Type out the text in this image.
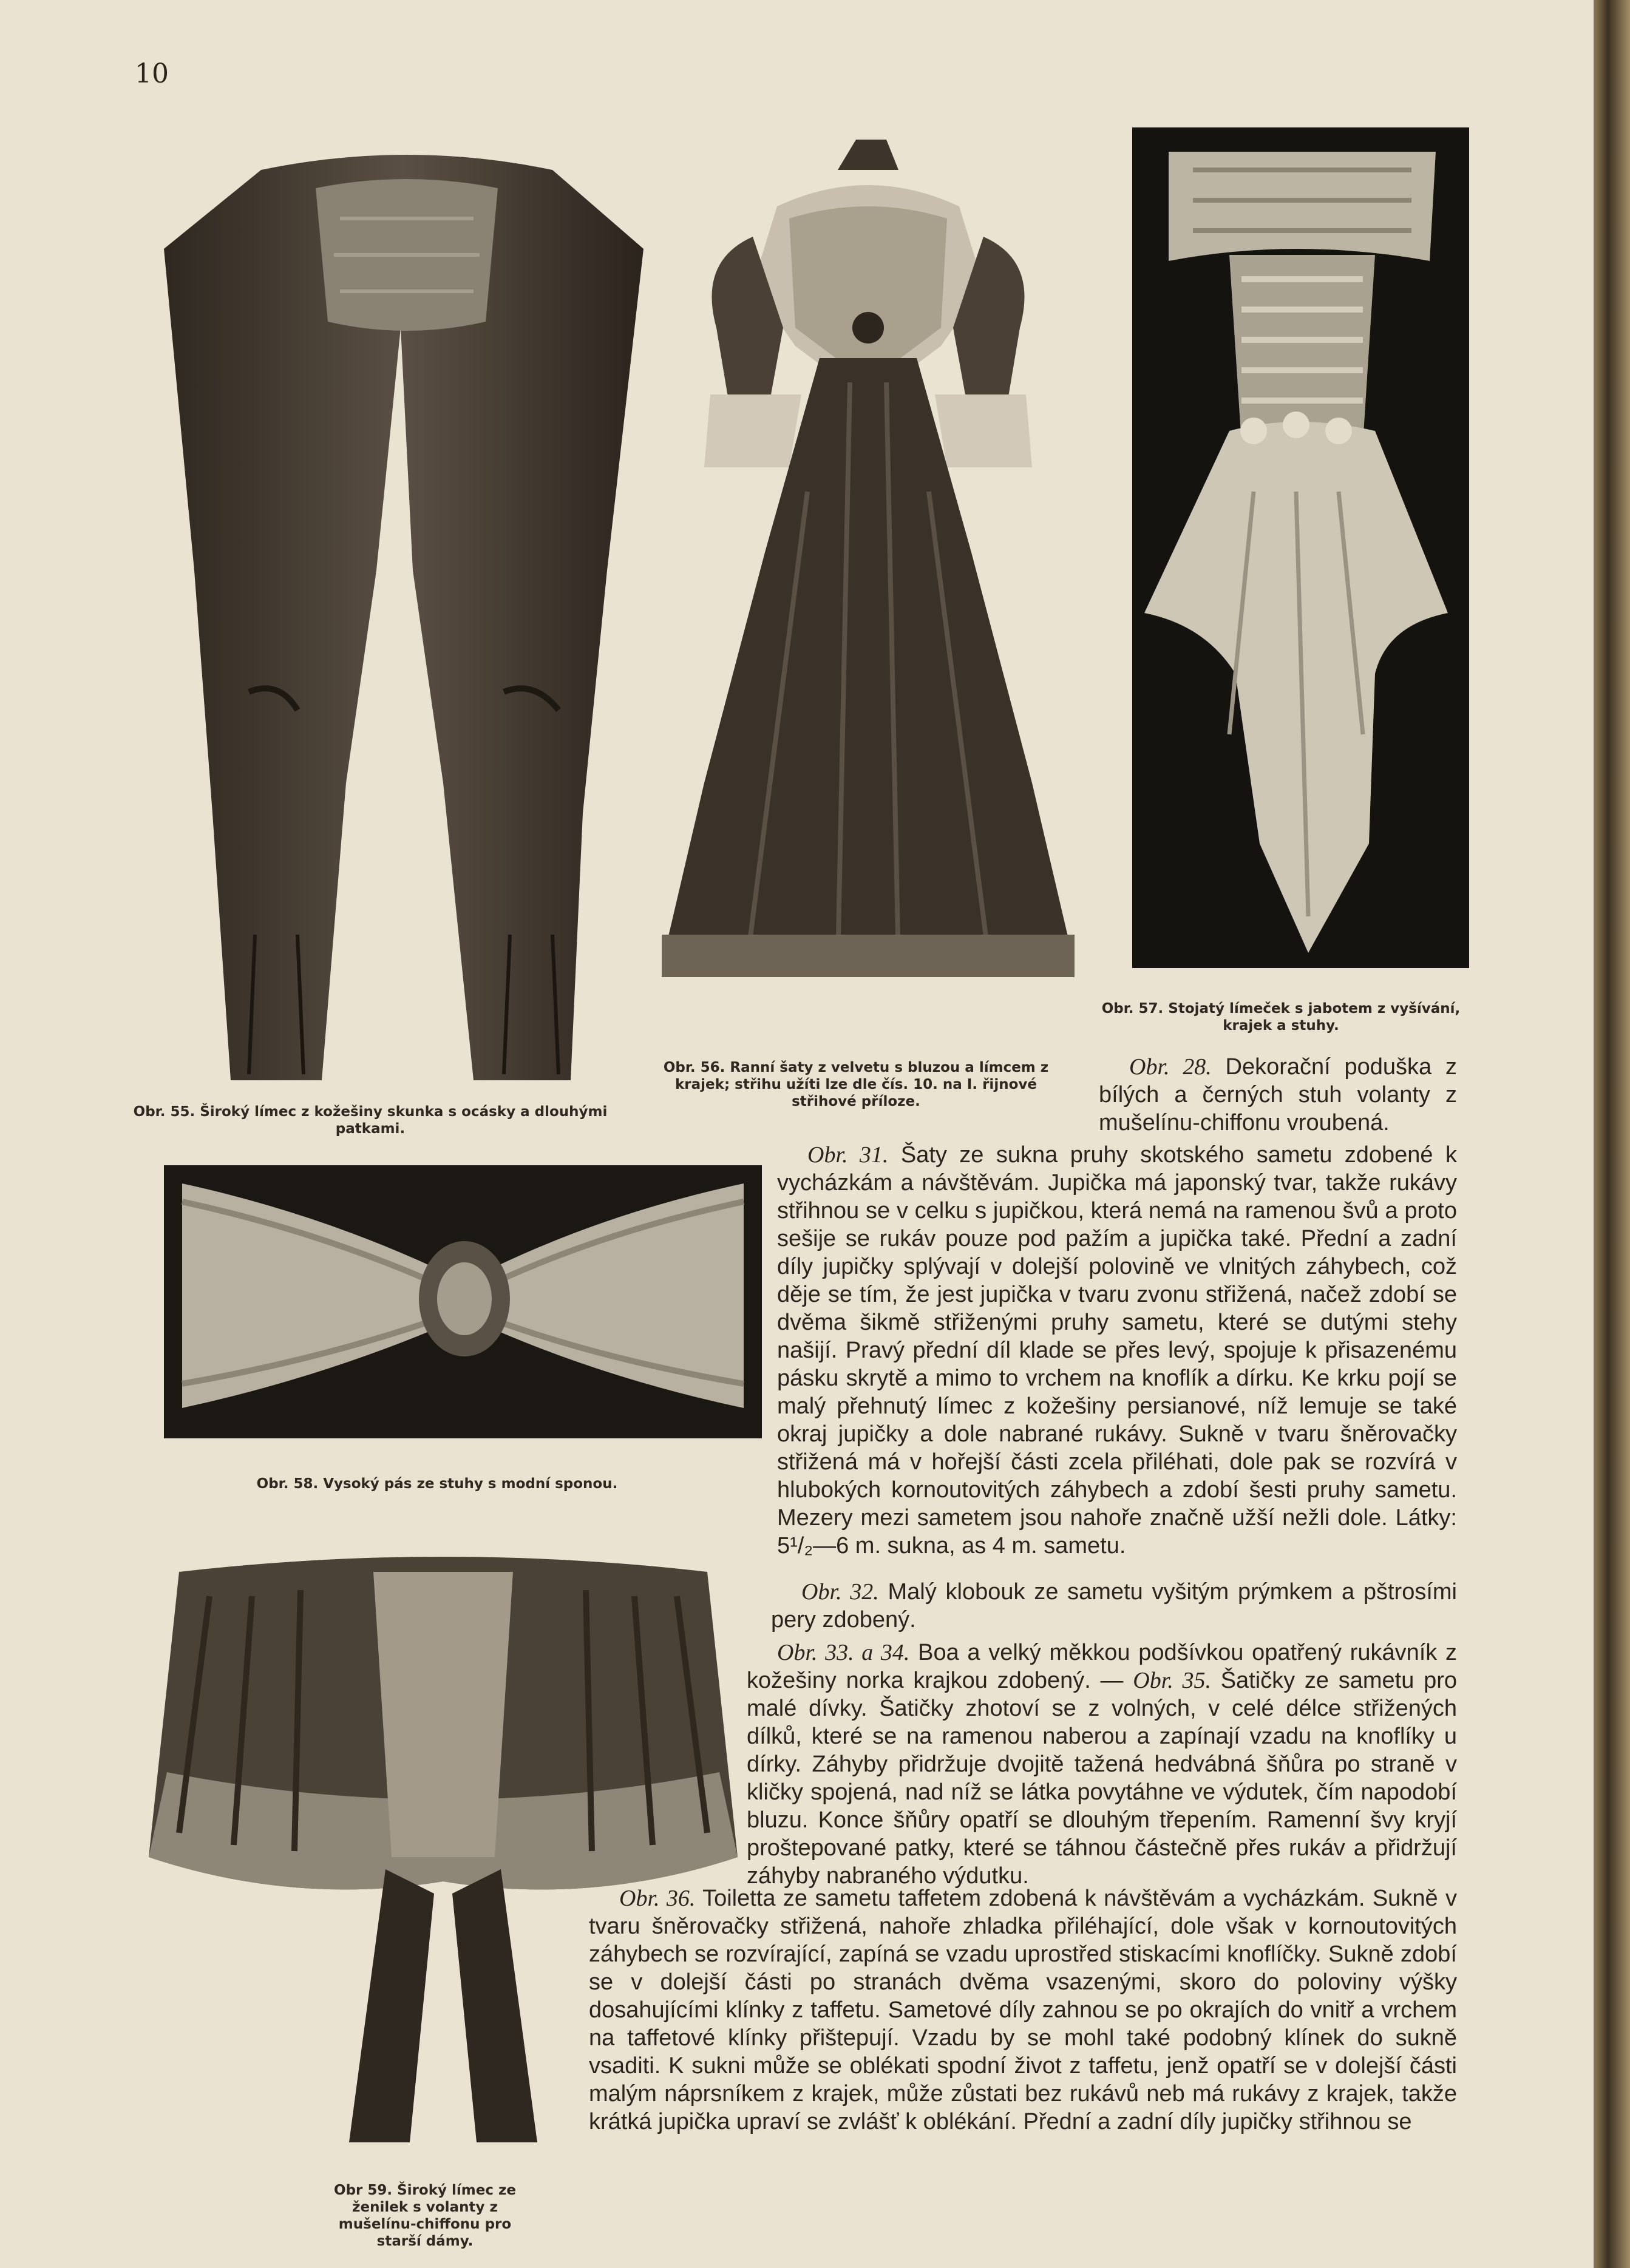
10
Obr. 55. Široký límec z kožešiny skunka s ocásky a dlouhými patkami.
Obr. 56. Ranní šaty z velvetu s bluzou a límcem z krajek; střihu užíti lze dle čís. 10. na I. řijnové střihové příloze.
Obr. 57. Stojatý límeček s jabotem z vyšívání, krajek a stuhy.
Obr. 58. Vysoký pás ze stuhy s modní sponou.
Obr 59. Široký límec ze ženilek s volanty z mušelínu-chiffonu pro starší dámy.

Obr. 28. Dekorační poduška z bílých a černých stuh volanty z mušelínu-chiffonu vroubená.

Obr. 31. Šaty ze sukna pruhy skotského sametu zdobené k vycházkám a návštěvám. Jupička má japonský tvar, takže rukávy střihnou se v celku s jupičkou, která nemá na ramenou švů a proto sešije se rukáv pouze pod pažím a jupička také. Přední a zadní díly jupičky splývají v dolejší polovině ve vlnitých záhybech, což děje se tím, že jest jupička v tvaru zvonu střižená, načež zdobí se dvěma šikmě střiženými pruhy sametu, které se dutými stehy našijí. Pravý přední díl klade se přes levý, spojuje k přisazenému pásku skrytě a mimo to vrchem na knoflík a dírku. Ke krku pojí se malý přehnutý límec z kožešiny persianové, níž lemuje se také okraj jupičky a dole nabrané rukávy. Sukně v tvaru šněrovačky střižená má v hořejší části zcela přiléhati, dole pak se rozvírá v hlubokých kornoutovitých záhybech a zdobí šesti pruhy sametu. Mezery mezi sametem jsou nahoře značně užší nežli dole. Látky: 5¹/₂—6 m. sukna, as 4 m. sametu.

Obr. 32. Malý klobouk ze sametu vyšitým prýmkem a pštrosími pery zdobený.

Obr. 33. a 34. Boa a velký měkkou podšívkou opatřený rukávník z kožešiny norka krajkou zdobený. — Obr. 35. Šatičky ze sametu pro malé dívky. Šatičky zhotoví se z volných, v celé délce střižených dílků, které se na ramenou naberou a zapínají vzadu na knoflíky u dírky. Záhyby přidržuje dvojitě tažená hedvábná šňůra po straně v kličky spojená, nad níž se látka povytáhne ve výdutek, čím napodobí bluzu. Konce šňůry opatří se dlouhým třepením. Ramenní švy kryjí proštepované patky, které se táhnou částečně přes rukáv a přidržují záhyby nabraného výdutku.

Obr. 36. Toiletta ze sametu taffetem zdobená k návštěvám a vycházkám. Sukně v tvaru šněrovačky střižená, nahoře zhladka přiléhající, dole však v kornoutovitých záhybech se rozvírající, zapíná se vzadu uprostřed stiskacími knoflíčky. Sukně zdobí se v dolejší části po stranách dvěma vsazenými, skoro do poloviny výšky dosahujícími klínky z taffetu. Sametové díly zahnou se po okrajích do vnitř a vrchem na taffetové klínky přištepují. Vzadu by se mohl také podobný klínek do sukně vsaditi. K sukni může se oblékati spodní život z taffetu, jenž opatří se v dolejší části malým náprsníkem z krajek, může zůstati bez rukávů neb má rukávy z krajek, takže krátká jupička upraví se zvlášť k oblékání. Přední a zadní díly jupičky střihnou se
